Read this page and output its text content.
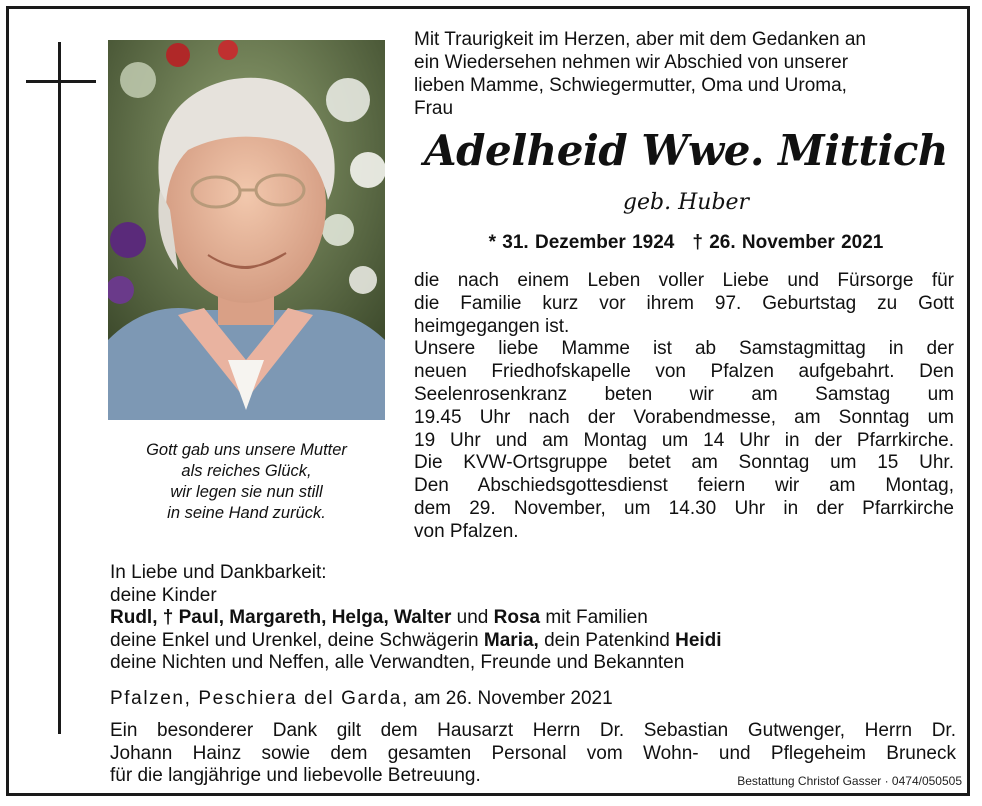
Gott gab uns unsere Mutter
als reiches Glück,
wir legen sie nun still
in seine Hand zurück.
Mit Traurigkeit im Herzen, aber mit dem Gedanken an
ein Wiedersehen nehmen wir Abschied von unserer
lieben Mamme, Schwiegermutter, Oma und Uroma,
Frau
Adelheid Wwe. Mittich
geb. Huber
* 31. Dezember 1924 † 26. November 2021
die nach einem Leben voller Liebe und Fürsorge für
die Familie kurz vor ihrem 97. Geburtstag zu Gott
heimgegangen ist.
Unsere liebe Mamme ist ab Samstagmittag in der
neuen Friedhofskapelle von Pfalzen aufgebahrt. Den
Seelenrosenkranz beten wir am Samstag um
19.45 Uhr nach der Vorabendmesse, am Sonntag um
19 Uhr und am Montag um 14 Uhr in der Pfarrkirche.
Die KVW-Ortsgruppe betet am Sonntag um 15 Uhr.
Den Abschiedsgottesdienst feiern wir am Montag,
dem 29. November, um 14.30 Uhr in der Pfarrkirche
von Pfalzen.
In Liebe und Dankbarkeit:
deine Kinder
Rudl, † Paul, Margareth, Helga, Walter und Rosa mit Familien
deine Enkel und Urenkel, deine Schwägerin Maria, dein Patenkind Heidi
deine Nichten und Neffen, alle Verwandten, Freunde und Bekannten
Pfalzen, Peschiera del Garda, am 26. November 2021
Ein besonderer Dank gilt dem Hausarzt Herrn Dr. Sebastian Gutwenger, Herrn Dr.
Johann Hainz sowie dem gesamten Personal vom Wohn- und Pflegeheim Bruneck
für die langjährige und liebevolle Betreuung.	Bestattung Christof Gasser · 0474/050505
